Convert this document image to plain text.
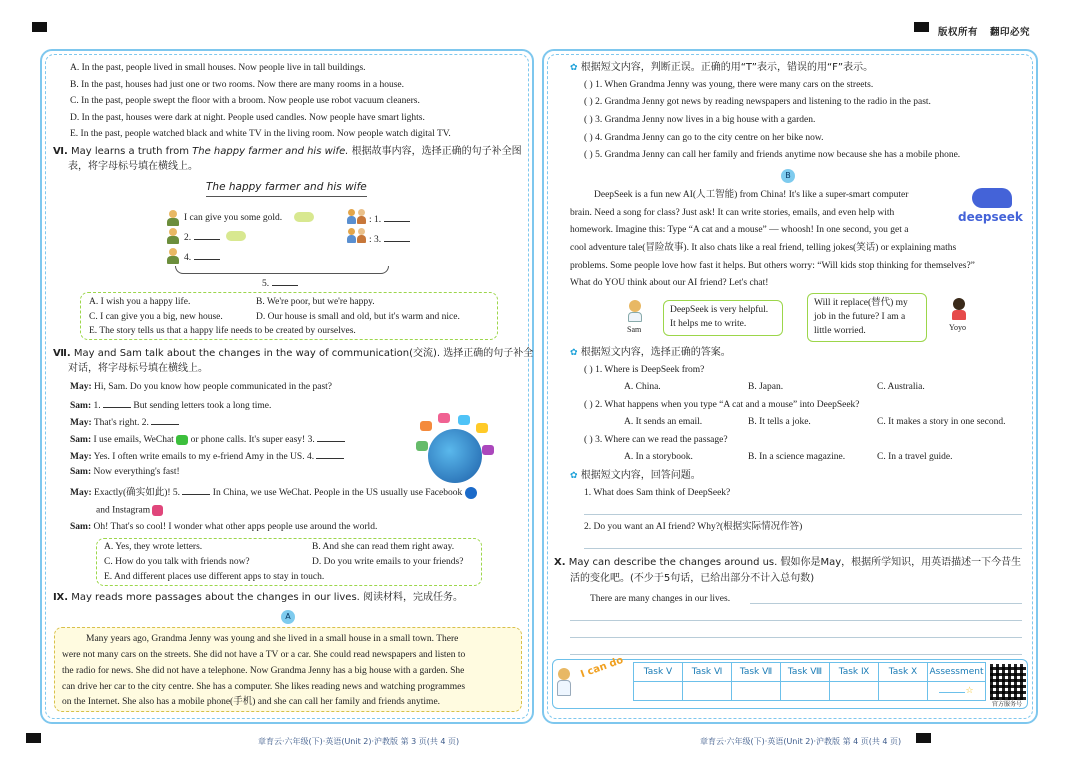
版权所有 翻印必究
A. In the past, people lived in small houses. Now people live in tall buildings.
B. In the past, houses had just one or two rooms. Now there are many rooms in a house.
C. In the past, people swept the floor with a broom. Now people use robot vacuum cleaners.
D. In the past, houses were dark at night. People used candles. Now people have smart lights.
E. In the past, people watched black and white TV in the living room. Now people watch digital TV.
Ⅵ. May learns a truth from The happy farmer and his wife. 根据故事内容，选择正确的句子补全图
表，将字母标号填在横线上。
The happy farmer and his wife
I can give you some gold.	: 1.
2.	: 3.
4.
5.
A. I wish you a happy life.	B. We're poor, but we're happy.
C. I can give you a big, new house.	D. Our house is small and old, but it's warm and nice.
E. The story tells us that a happy life needs to be created by ourselves.
Ⅶ. May and Sam talk about the changes in the way of communication(交流). 选择正确的句子补全
对话，将字母标号填在横线上。
May: Hi, Sam. Do you know how people communicated in the past?
Sam: 1.	But sending letters took a long time.
May: That's right. 2.
Sam: I use emails, WeChat  or phone calls. It's super easy! 3.
May: Yes. I often write emails to my e-friend Amy in the US. 4.
Sam: Now everything's fast!
May: Exactly(确实如此)! 5.	In China, we use WeChat. People in the US usually use Facebook
and Instagram
Sam: Oh! That's so cool! I wonder what other apps people use around the world.
A. Yes, they wrote letters.	B. And she can read them right away.
C. How do you talk with friends now?	D. Do you write emails to your friends?
E. And different places use different apps to stay in touch.
Ⅸ. May reads more passages about the changes in our lives. 阅读材料，完成任务。
A
Many years ago, Grandma Jenny was young and she lived in a small house in a small town. There
were not many cars on the streets. She did not have a TV or a car. She could read newspapers and listen to
the radio for news. She did not have a telephone. Now Grandma Jenny has a big house with a garden. She
can drive her car to the city centre. She has a computer. She likes reading news and watching programmes
on the Internet. She also has a mobile phone(手机) and she can call her family and friends anytime.
章育云·六年级(下)·英语(Unit 2)·沪教版 第 3 页(共 4 页)
✿ 根据短文内容，判断正误。正确的用“T”表示，错误的用“F”表示。
( ) 1. When Grandma Jenny was young, there were many cars on the streets.
( ) 2. Grandma Jenny got news by reading newspapers and listening to the radio in the past.
( ) 3. Grandma Jenny now lives in a big house with a garden.
( ) 4. Grandma Jenny can go to the city centre on her bike now.
( ) 5. Grandma Jenny can call her family and friends anytime now because she has a mobile phone.
B
DeepSeek is a fun new AI(人工智能) from China! It's like a super-smart computer
brain. Need a song for class? Just ask! It can write stories, emails, and even help with
homework. Imagine this: Type “A cat and a mouse” — whoosh! In one second, you get a
cool adventure tale(冒险故事). It also chats like a real friend, telling jokes(笑话) or explaining maths
problems. Some people love how fast it helps. But others worry: “Will kids stop thinking for themselves?”
What do YOU think about our AI friend? Let's chat!
deepseek
Sam
DeepSeek is very helpful.
It helps me to write.
Will it replace(替代) my
job in the future? I am a
little worried.	Yoyo
✿ 根据短文内容，选择正确的答案。
( ) 1. Where is DeepSeek from?
A. China.	B. Japan.	C. Australia.
( ) 2. What happens when you type “A cat and a mouse” into DeepSeek?
A. It sends an email.	B. It tells a joke.	C. It makes a story in one second.
( ) 3. Where can we read the passage?
A. In a storybook.	B. In a science magazine.	C. In a travel guide.
✿ 根据短文内容，回答问题。
1. What does Sam think of DeepSeek?
2. Do you want an AI friend? Why?(根据实际情况作答)
Ⅹ. May can describe the changes around us. 假如你是May，根据所学知识，用英语描述一下今昔生
活的变化吧。(不少于5句话，已给出部分不计入总句数)
There are many changes in our lives.
I can do Task Ⅴ	Task Ⅵ	Task Ⅶ	Task Ⅷ	Task Ⅸ	Task Ⅹ	Assessment
						☆
官方服务号
章育云·六年级(下)·英语(Unit 2)·沪教版 第 4 页(共 4 页)
